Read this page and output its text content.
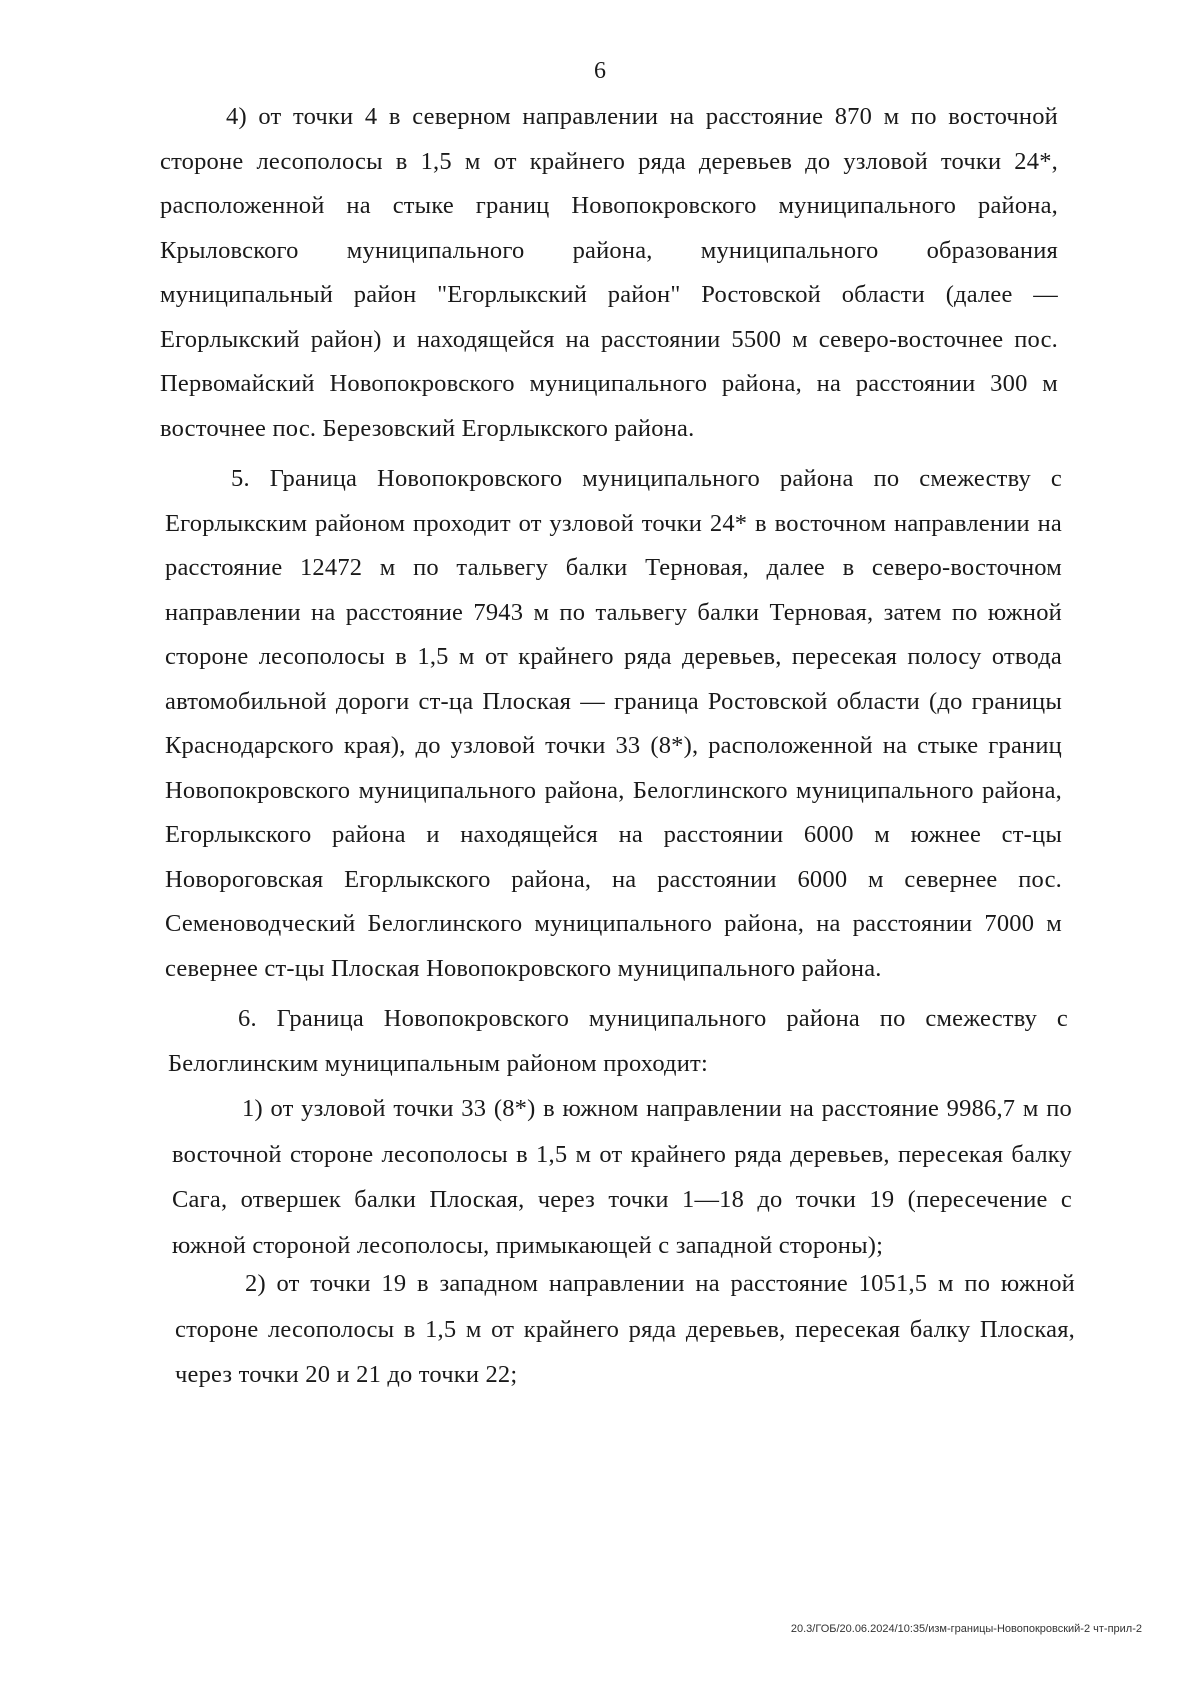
6

4) от точки 4 в северном направлении на расстояние 870 м по восточной стороне лесополосы в 1,5 м от крайнего ряда деревьев до узловой точки 24*, расположенной на стыке границ Новопокровского муниципального района, Крыловского муниципального района, муниципального образования муниципальный район "Егорлыкский район" Ростовской области (далее — Егорлыкский район) и находящейся на расстоянии 5500 м северо-восточнее пос. Первомайский Новопокровского муниципального района, на расстоянии 300 м восточнее пос. Березовский Егорлыкского района.

5. Граница Новопокровского муниципального района по смежеству с Егорлыкским районом проходит от узловой точки 24* в восточном направлении на расстояние 12472 м по тальвегу балки Терновая, далее в северо-восточном направлении на расстояние 7943 м по тальвегу балки Терновая, затем по южной стороне лесополосы в 1,5 м от крайнего ряда деревьев, пересекая полосу отвода автомобильной дороги ст-ца Плоская — граница Ростовской области (до границы Краснодарского края), до узловой точки 33 (8*), расположенной на стыке границ Новопокровского муниципального района, Белоглинского муниципального района, Егорлыкского района и находящейся на расстоянии 6000 м южнее ст-цы Новороговская Егорлыкского района, на расстоянии 6000 м севернее пос. Семеноводческий Белоглинского муниципального района, на расстоянии 7000 м севернее ст-цы Плоская Новопокровского муниципального района.

6. Граница Новопокровского муниципального района по смежеству с Белоглинским муниципальным районом проходит:

1) от узловой точки 33 (8*) в южном направлении на расстояние 9986,7 м по восточной стороне лесополосы в 1,5 м от крайнего ряда деревьев, пересекая балку Сага, отвершек балки Плоская, через точки 1—18 до точки 19 (пересечение с южной стороной лесополосы, примыкающей с западной стороны);

2) от точки 19 в западном направлении на расстояние 1051,5 м по южной стороне лесополосы в 1,5 м от крайнего ряда деревьев, пересекая балку Плоская, через точки 20 и 21 до точки 22;

20.3/ГОБ/20.06.2024/10:35/изм-границы-Новопокровский-2 чт-прил-2
